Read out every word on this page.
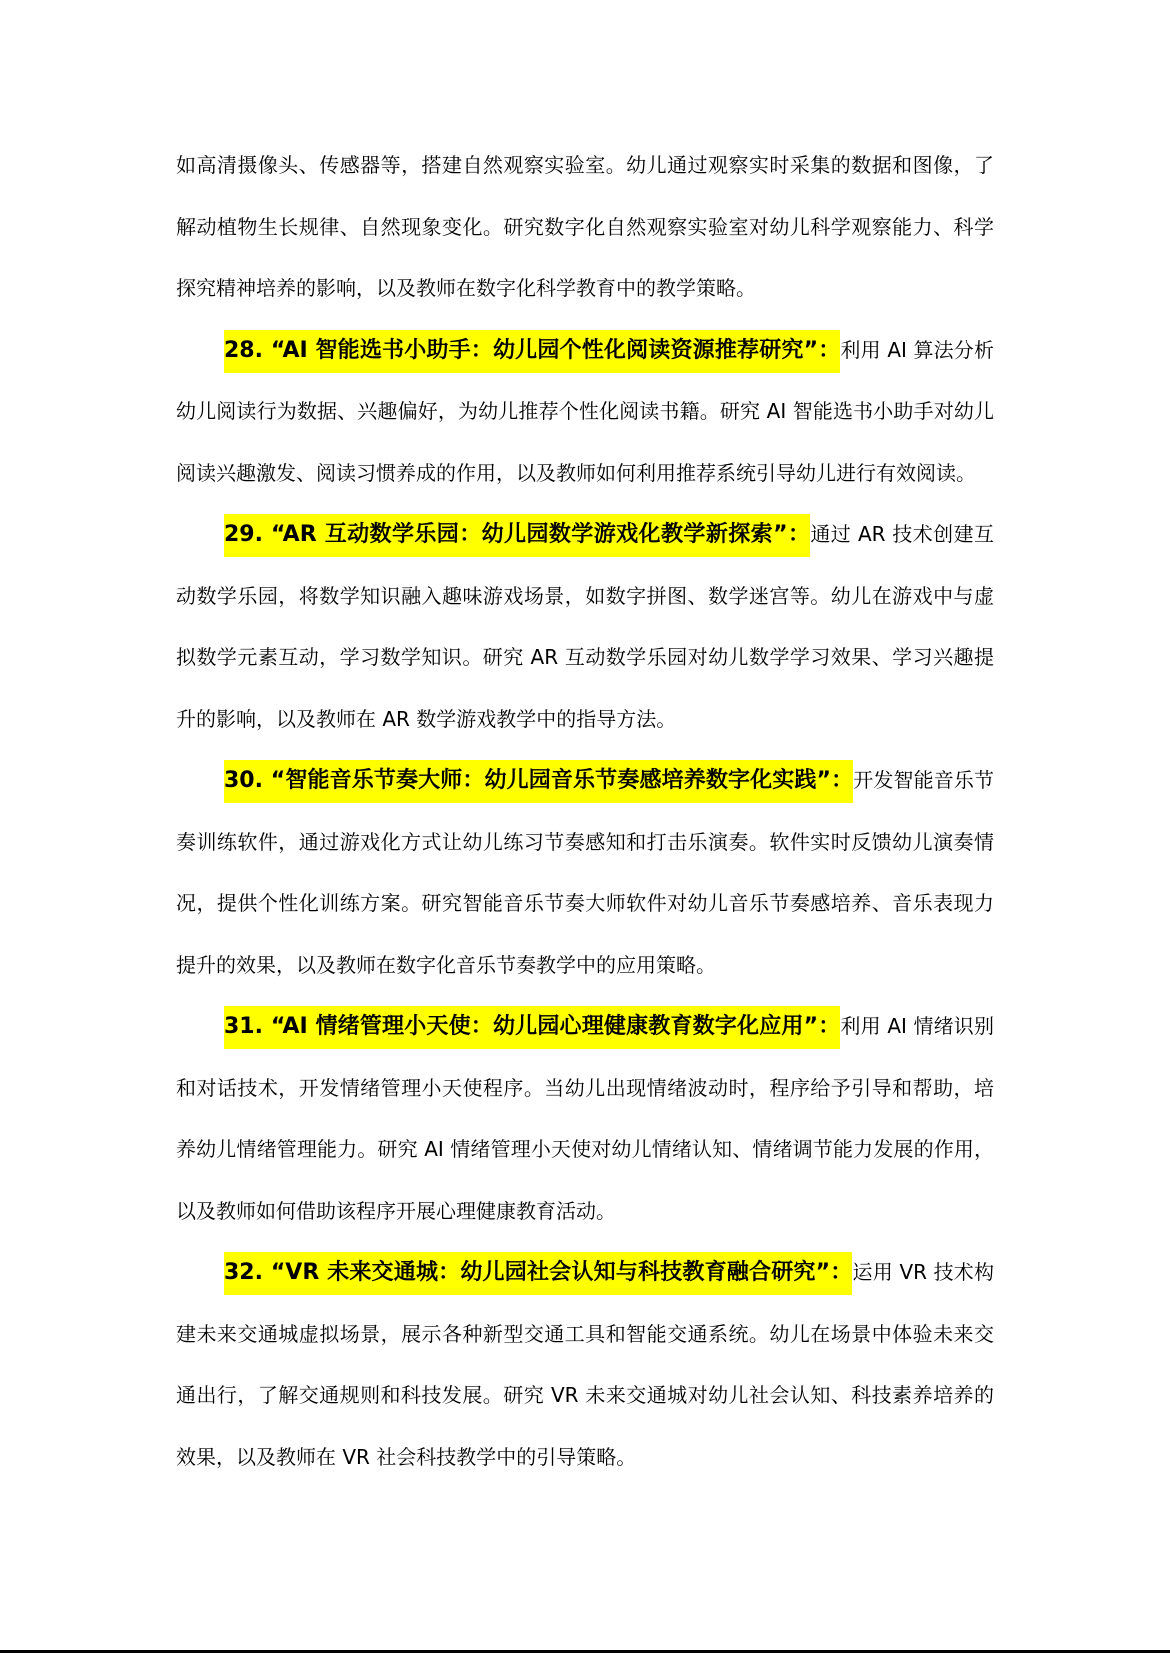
如高清摄像头、传感器等，搭建自然观察实验室。幼儿通过观察实时采集的数据和图像，了解动植物生长规律、自然现象变化。研究数字化自然观察实验室对幼儿科学观察能力、科学探究精神培养的影响，以及教师在数字化科学教育中的教学策略。

28. “AI 智能选书小助手：幼儿园个性化阅读资源推荐研究”：利用 AI 算法分析幼儿阅读行为数据、兴趣偏好，为幼儿推荐个性化阅读书籍。研究 AI 智能选书小助手对幼儿阅读兴趣激发、阅读习惯养成的作用，以及教师如何利用推荐系统引导幼儿进行有效阅读。

29. “AR 互动数学乐园：幼儿园数学游戏化教学新探索”：通过 AR 技术创建互动数学乐园，将数学知识融入趣味游戏场景，如数字拼图、数学迷宫等。幼儿在游戏中与虚拟数学元素互动，学习数学知识。研究 AR 互动数学乐园对幼儿数学学习效果、学习兴趣提升的影响，以及教师在 AR 数学游戏教学中的指导方法。

30. “智能音乐节奏大师：幼儿园音乐节奏感培养数字化实践”：开发智能音乐节奏训练软件，通过游戏化方式让幼儿练习节奏感知和打击乐演奏。软件实时反馈幼儿演奏情况，提供个性化训练方案。研究智能音乐节奏大师软件对幼儿音乐节奏感培养、音乐表现力提升的效果，以及教师在数字化音乐节奏教学中的应用策略。

31. “AI 情绪管理小天使：幼儿园心理健康教育数字化应用”：利用 AI 情绪识别和对话技术，开发情绪管理小天使程序。当幼儿出现情绪波动时，程序给予引导和帮助，培养幼儿情绪管理能力。研究 AI 情绪管理小天使对幼儿情绪认知、情绪调节能力发展的作用，以及教师如何借助该程序开展心理健康教育活动。

32. “VR 未来交通城：幼儿园社会认知与科技教育融合研究”：运用 VR 技术构建未来交通城虚拟场景，展示各种新型交通工具和智能交通系统。幼儿在场景中体验未来交通出行，了解交通规则和科技发展。研究 VR 未来交通城对幼儿社会认知、科技素养培养的效果，以及教师在 VR 社会科技教学中的引导策略。
